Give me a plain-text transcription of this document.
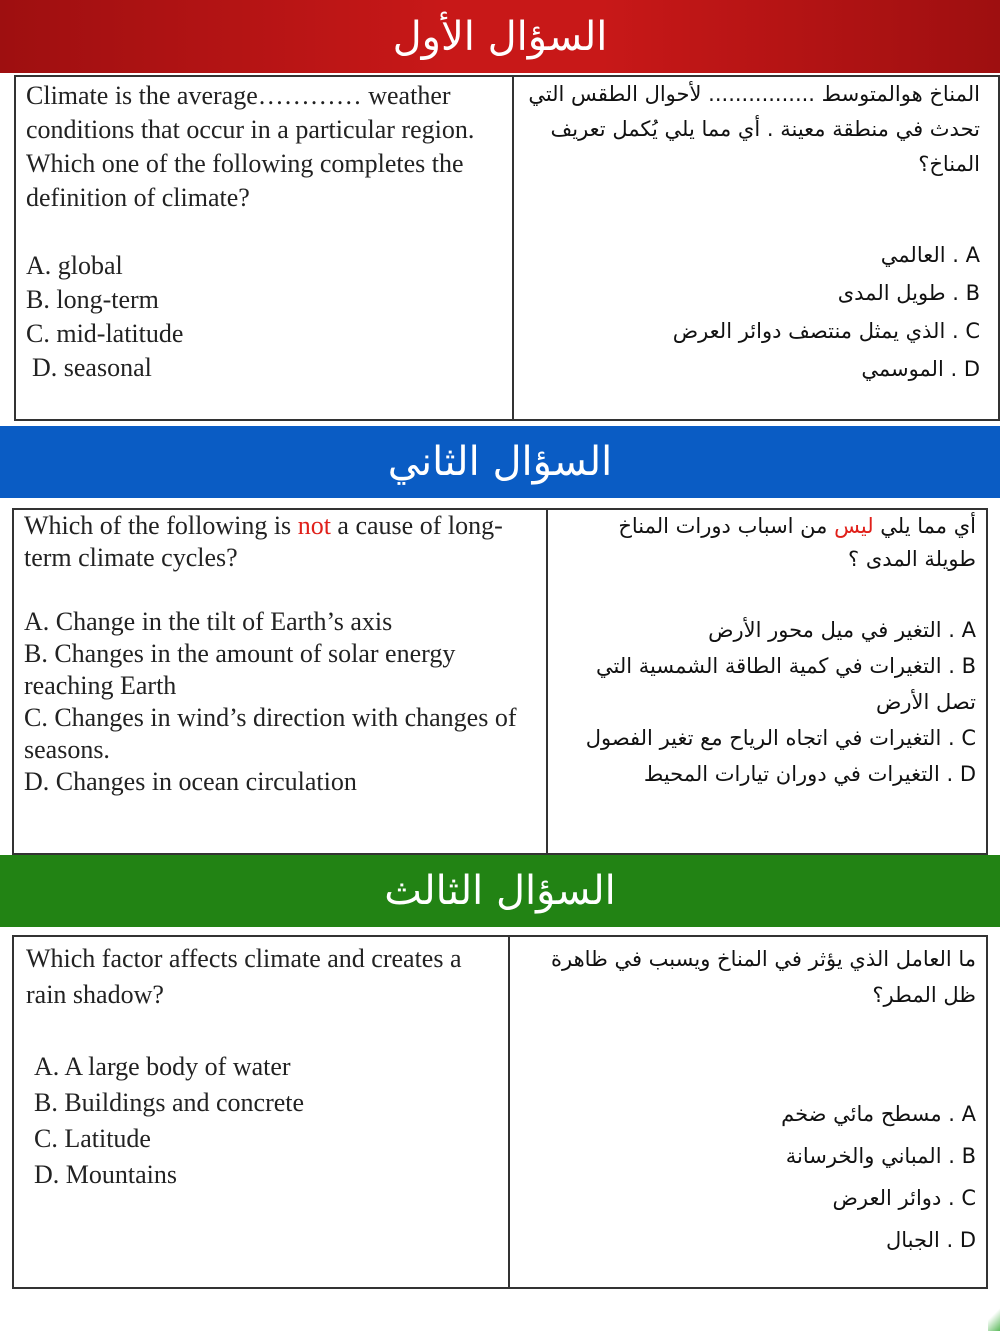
السؤال الأول

Climate is the average………… weather conditions that occur in a particular region. Which one of the following completes the definition of climate?

A. global

B. long-term

C. mid-latitude

D. seasonal

المناخ هوالمتوسط ................ لأحوال الطقس التي تحدث في منطقة معينة . أي مما يلي يُكمل تعريف المناخ؟

A . العالمي

B . طويل المدى

C . الذي يمثل منتصف دوائر العرض

D . الموسمي

السؤال الثاني

Which of the following is not a cause of long-term climate cycles?

A. Change in the tilt of Earth’s axis

B. Changes in the amount of solar energy reaching Earth

C. Changes in wind’s direction with changes of seasons.

D. Changes in ocean circulation

أي مما يلي ليس من اسباب دورات المناخ طويلة المدى ؟

A . التغير في ميل محور الأرض

B . التغيرات في كمية الطاقة الشمسية التي تصل الأرض

C . التغيرات في اتجاه الرياح مع تغير الفصول

D . التغيرات في دوران تيارات المحيط

السؤال الثالث

Which factor affects climate and creates a rain shadow?

A. A large body of water

B. Buildings and concrete

C. Latitude

D. Mountains

ما العامل الذي يؤثر في المناخ ويسبب في ظاهرة ظل المطر؟

A . مسطح مائي ضخم

B . المباني والخرسانة

C . دوائر العرض

D . الجبال
